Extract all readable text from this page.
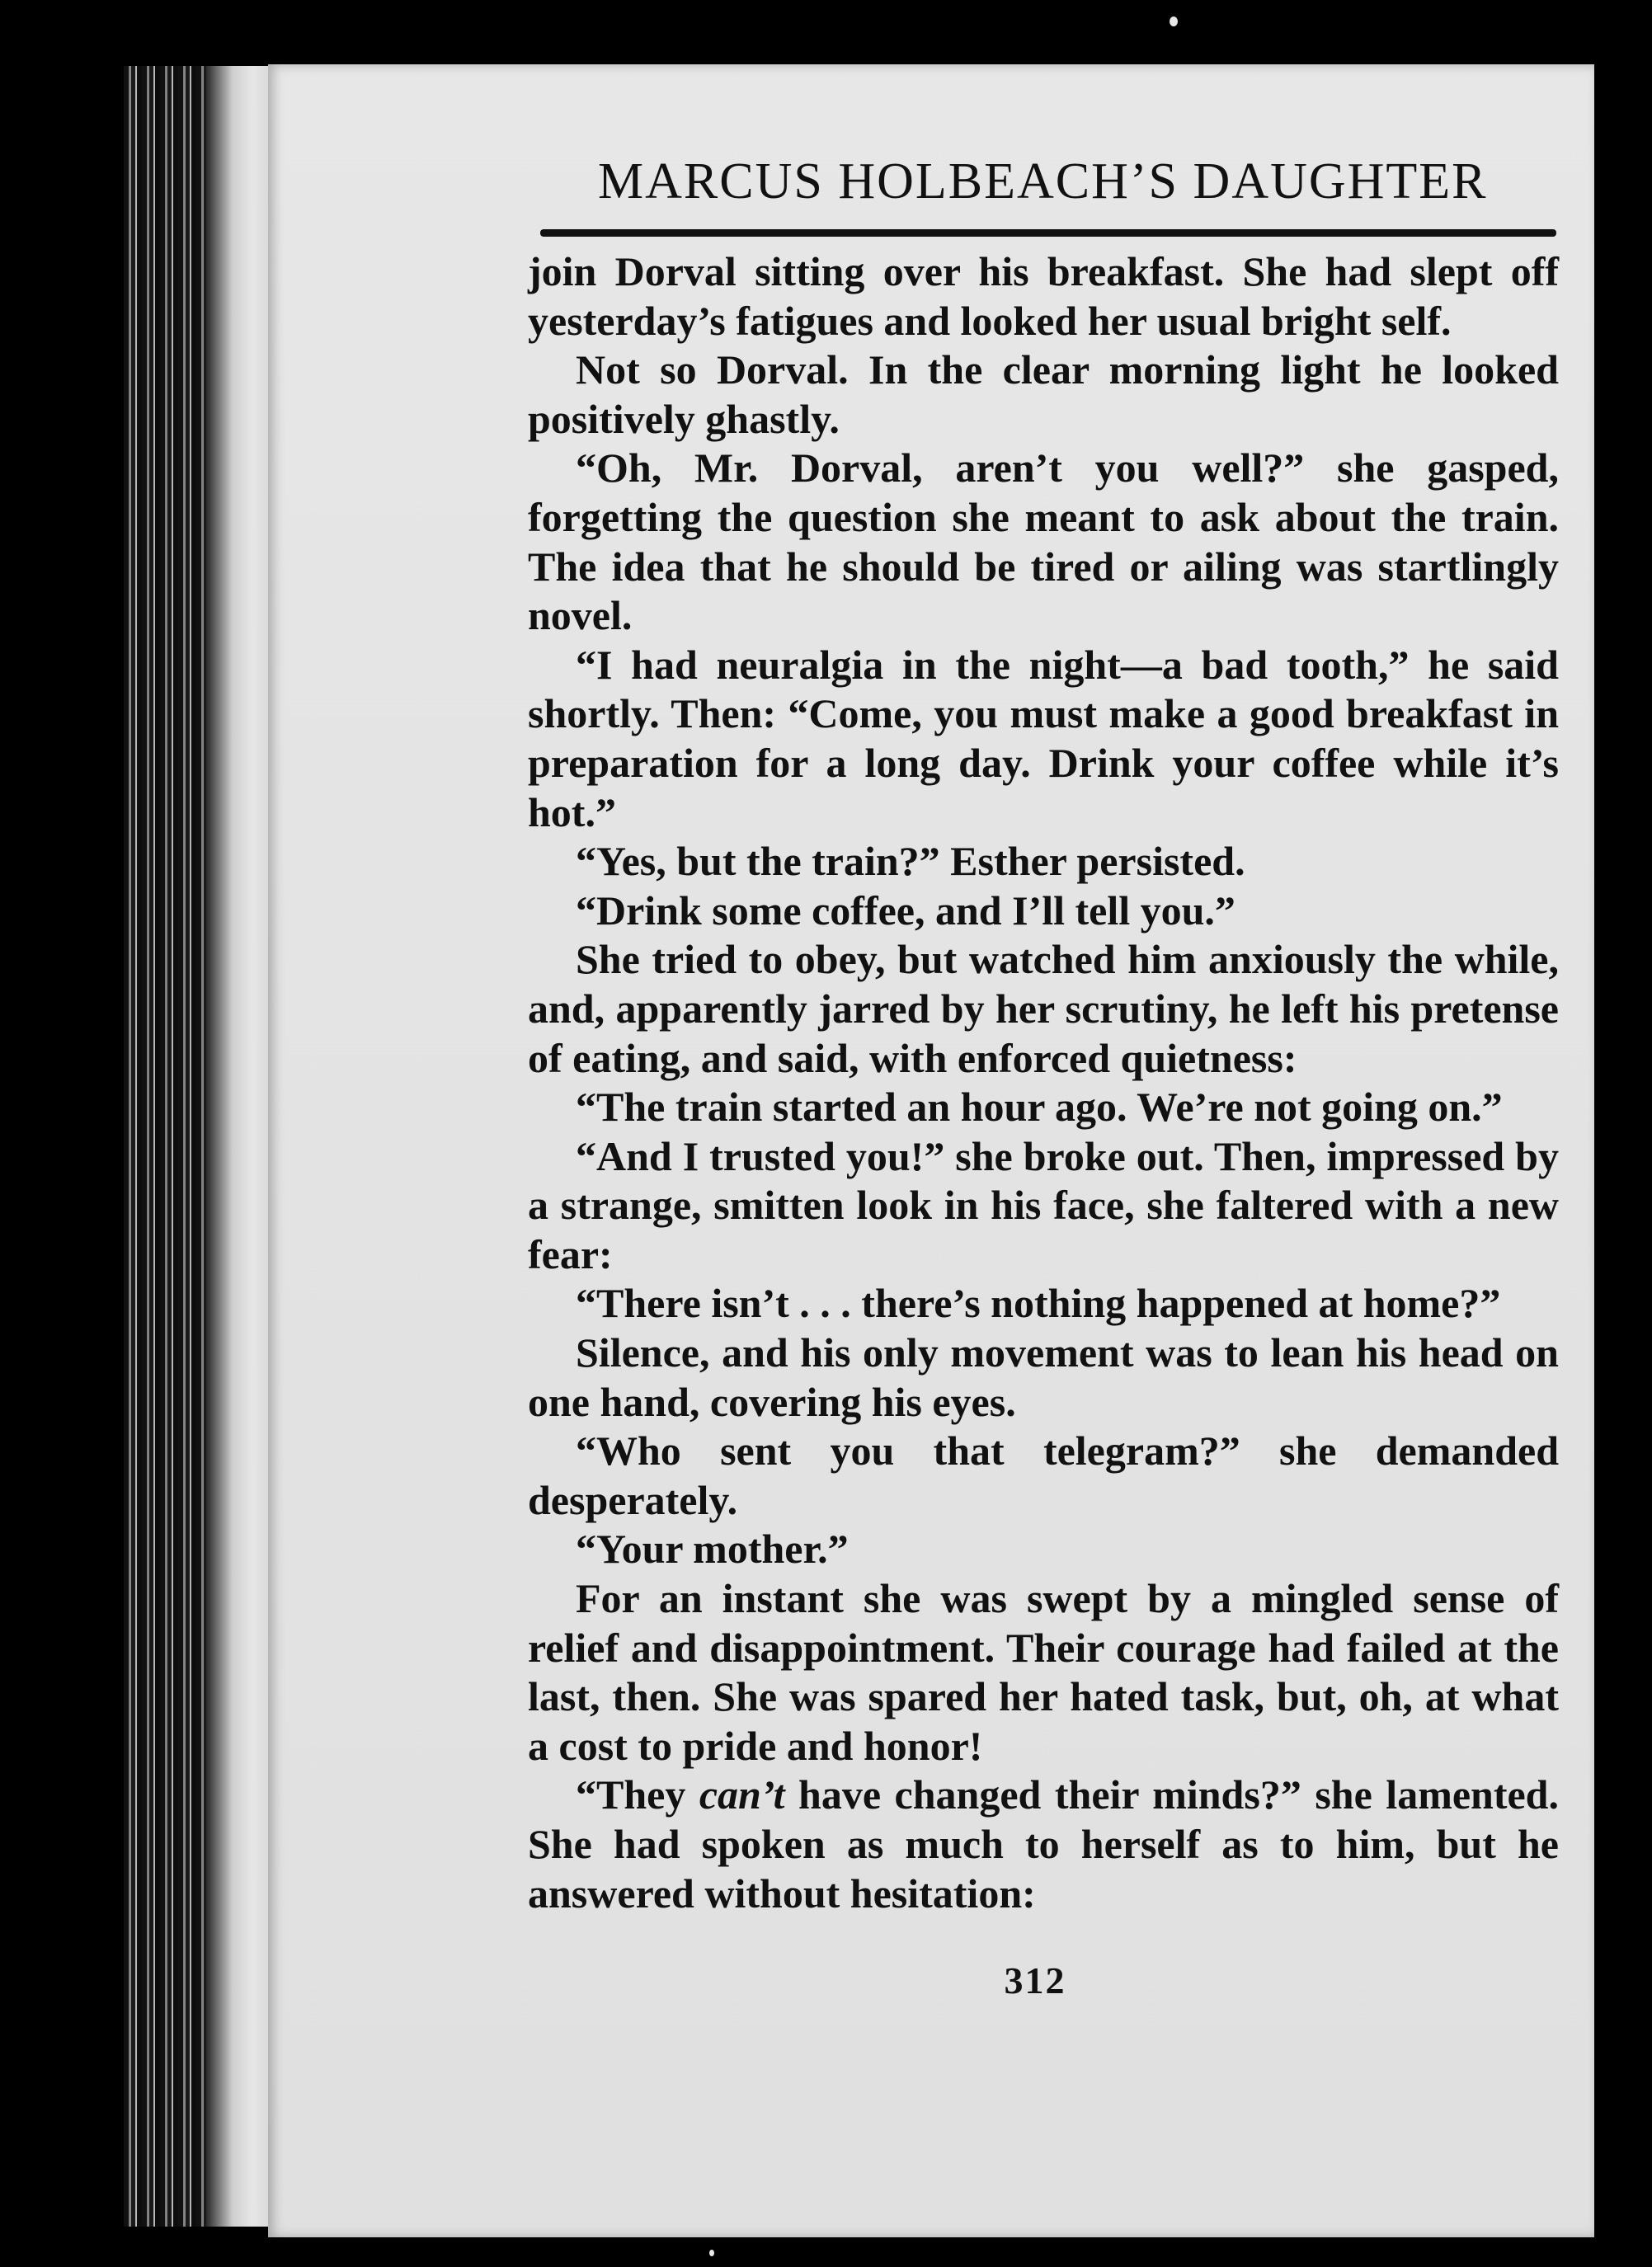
MARCUS HOLBEACH’S DAUGHTER

join Dorval sitting over his breakfast. She had slept off yesterday’s fatigues and looked her usual bright self.

Not so Dorval. In the clear morning light he looked positively ghastly.

“Oh, Mr. Dorval, aren’t you well?” she gasped, forgetting the question she meant to ask about the train. The idea that he should be tired or ailing was startlingly novel.

“I had neuralgia in the night—a bad tooth,” he said shortly. Then: “Come, you must make a good breakfast in preparation for a long day. Drink your coffee while it’s hot.”

“Yes, but the train?” Esther persisted.

“Drink some coffee, and I’ll tell you.”

She tried to obey, but watched him anxiously the while, and, apparently jarred by her scrutiny, he left his pretense of eating, and said, with enforced quietness:

“The train started an hour ago. We’re not going on.”

“And I trusted you!” she broke out. Then, impressed by a strange, smitten look in his face, she faltered with a new fear:

“There isn’t . . . there’s nothing happened at home?”

Silence, and his only movement was to lean his head on one hand, covering his eyes.

“Who sent you that telegram?” she demanded desperately.

“Your mother.”

For an instant she was swept by a mingled sense of relief and disappointment. Their courage had failed at the last, then. She was spared her hated task, but, oh, at what a cost to pride and honor!

“They can’t have changed their minds?” she lamented. She had spoken as much to herself as to him, but he answered without hesitation:

312
